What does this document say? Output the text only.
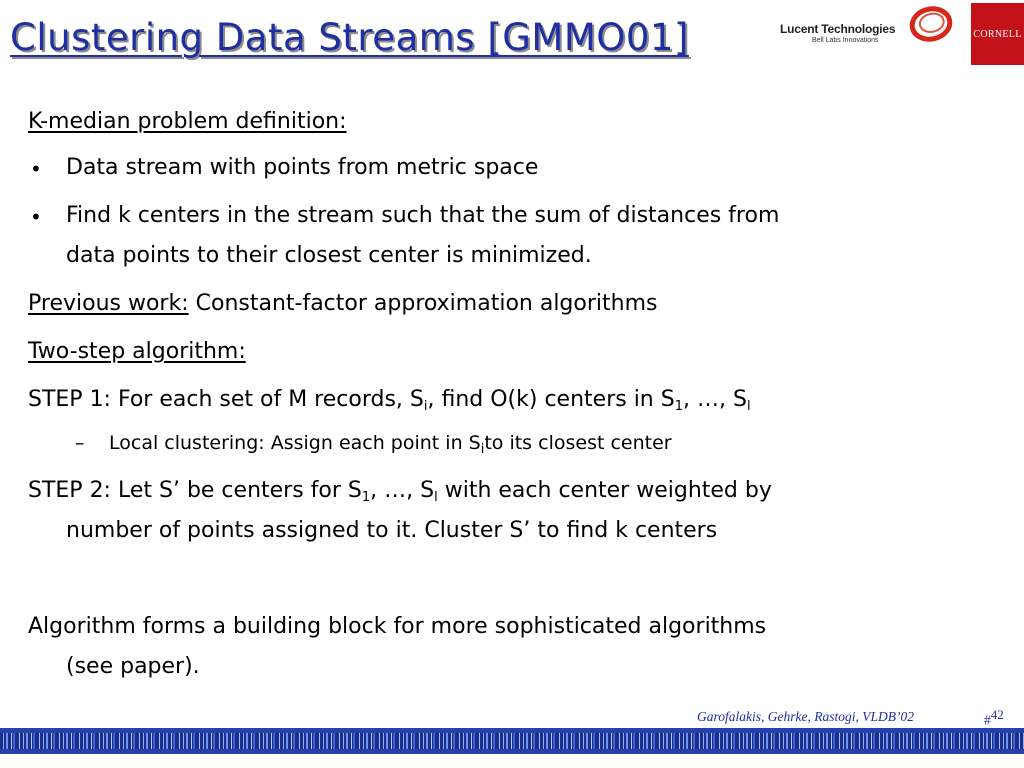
Clustering Data Streams [GMMO01]	Lucent Technologies
Bell Labs Innovations
CORNELL
K-median problem definition:
• Data stream with points from metric space
• Find k centers in the stream such that the sum of distances from
data points to their closest center is minimized.
Previous work: Constant-factor approximation algorithms
Two-step algorithm:
STEP 1: For each set of M records, $S_i$, find O(k) centers in $S_1$, …, $S_l$
– Local clustering: Assign each point in $S_ito$ its closest center
STEP 2: Let S’ be centers for $S_1$, …, $S_l$ with each center weighted by
number of points assigned to it. Cluster S’ to find k centers
Algorithm forms a building block for more sophisticated algorithms
(see paper).
Garofalakis, Gehrke, Rastogi, VLDB’02	#$^{42}$
